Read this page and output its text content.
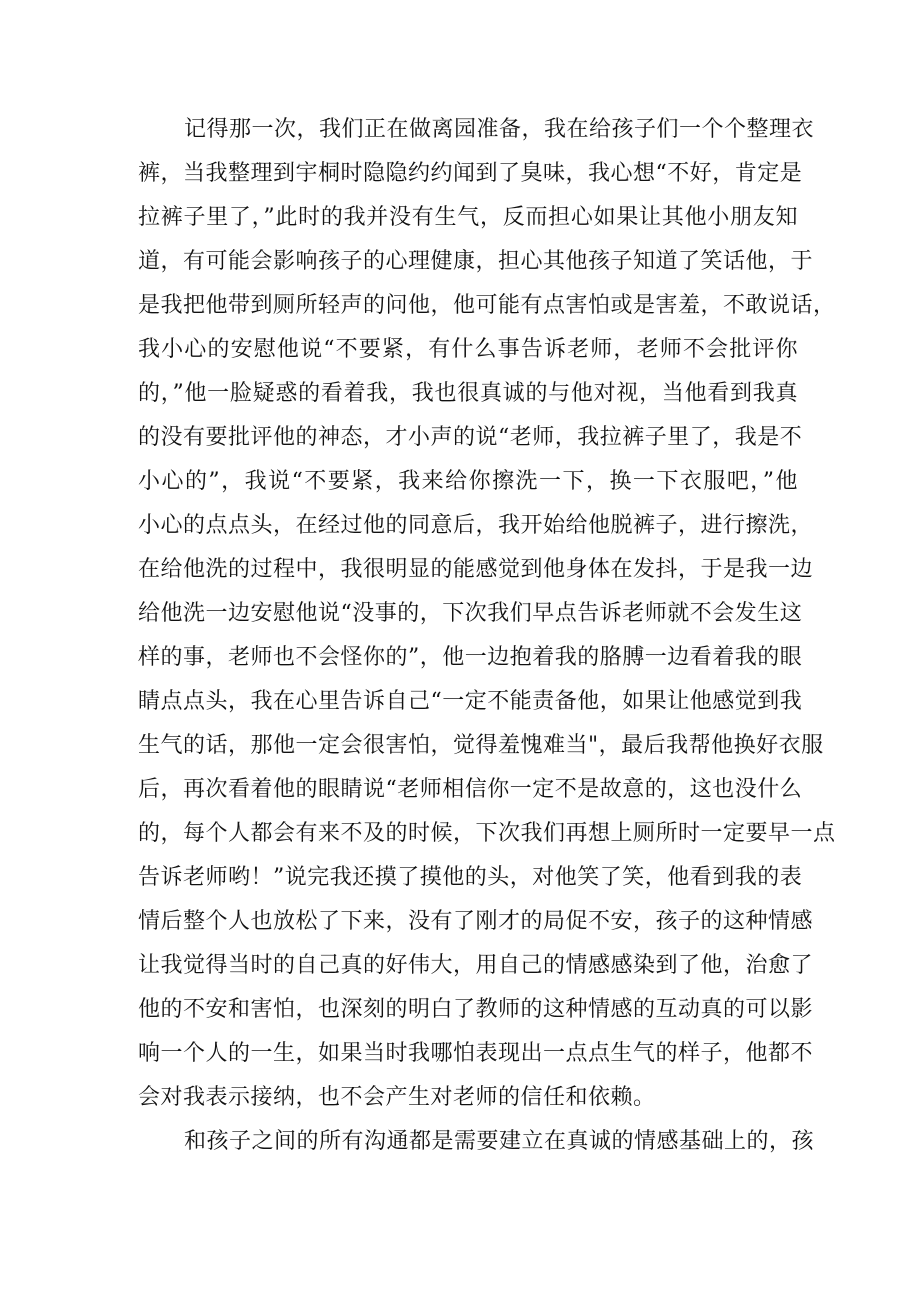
记得那一次，我们正在做离园准备，我在给孩子们一个个整理衣
裤，当我整理到宇桐时隐隐约约闻到了臭味，我心想“不好，肯定是
拉裤子里了，”此时的我并没有生气，反而担心如果让其他小朋友知
道，有可能会影响孩子的心理健康，担心其他孩子知道了笑话他，于
是我把他带到厕所轻声的问他，他可能有点害怕或是害羞，不敢说话，
我小心的安慰他说“不要紧，有什么事告诉老师，老师不会批评你
的，”他一脸疑惑的看着我，我也很真诚的与他对视，当他看到我真
的没有要批评他的神态，才小声的说“老师，我拉裤子里了，我是不
小心的”，我说“不要紧，我来给你擦洗一下，换一下衣服吧，”他
小心的点点头，在经过他的同意后，我开始给他脱裤子，进行擦洗，
在给他洗的过程中，我很明显的能感觉到他身体在发抖，于是我一边
给他洗一边安慰他说“没事的，下次我们早点告诉老师就不会发生这
样的事，老师也不会怪你的”，他一边抱着我的胳膊一边看着我的眼
睛点点头，我在心里告诉自己“一定不能责备他，如果让他感觉到我
生气的话，那他一定会很害怕，觉得羞愧难当"，最后我帮他换好衣服
后，再次看着他的眼睛说“老师相信你一定不是故意的，这也没什么
的，每个人都会有来不及的时候，下次我们再想上厕所时一定要早一点
告诉老师哟！”说完我还摸了摸他的头，对他笑了笑，他看到我的表
情后整个人也放松了下来，没有了刚才的局促不安，孩子的这种情感
让我觉得当时的自己真的好伟大，用自己的情感感染到了他，治愈了
他的不安和害怕，也深刻的明白了教师的这种情感的互动真的可以影
响一个人的一生，如果当时我哪怕表现出一点点生气的样子，他都不
会对我表示接纳，也不会产生对老师的信任和依赖。
和孩子之间的所有沟通都是需要建立在真诚的情感基础上的，孩
